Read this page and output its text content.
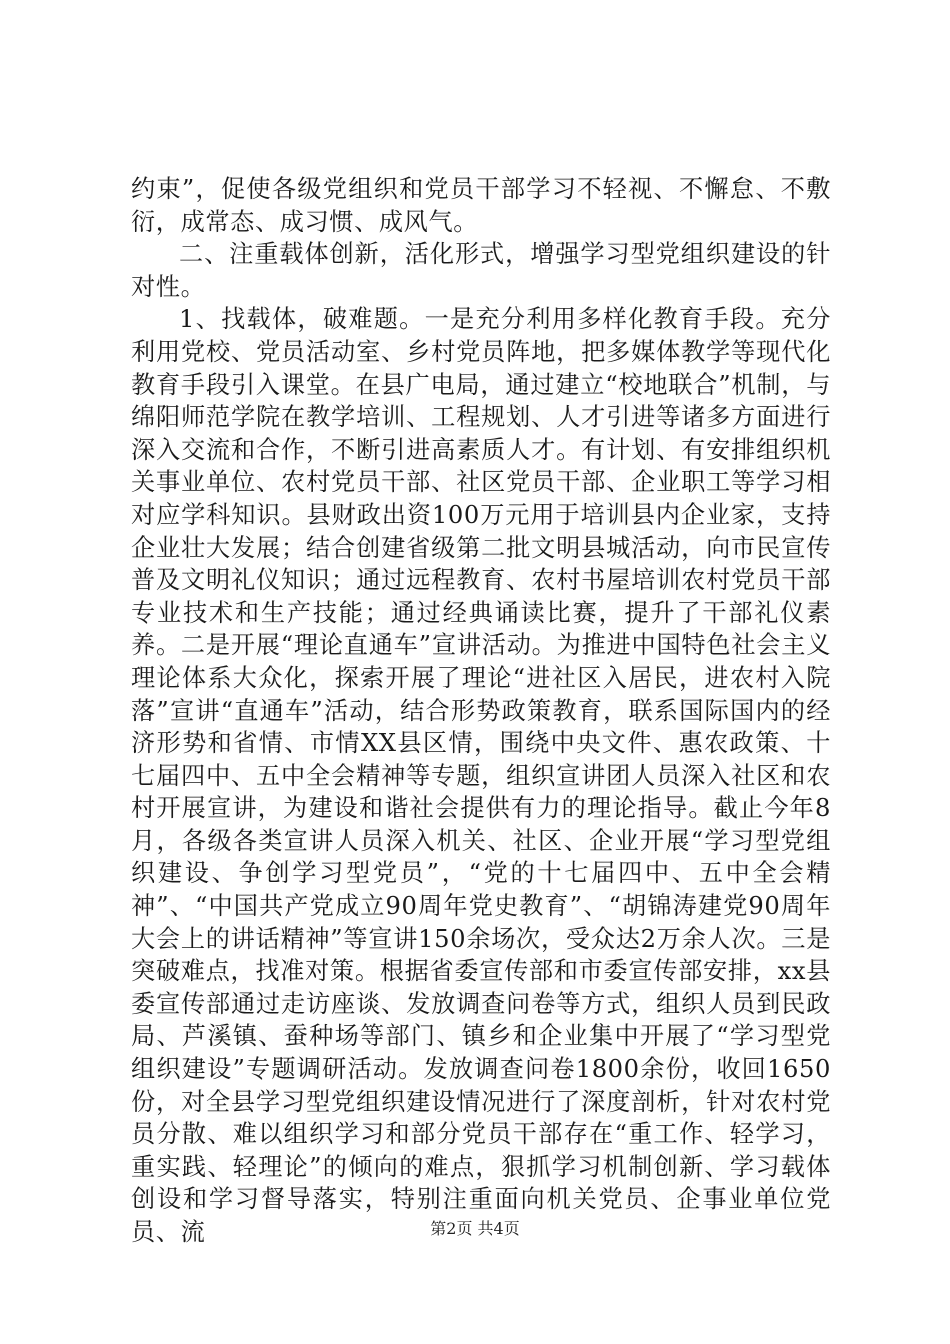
约束”，促使各级党组织和党员干部学习不轻视、不懈怠、不敷衍，成常态、成习惯、成风气。

二、注重载体创新，活化形式，增强学习型党组织建设的针对性。

1、找载体，破难题。一是充分利用多样化教育手段。充分利用党校、党员活动室、乡村党员阵地，把多媒体教学等现代化教育手段引入课堂。在县广电局，通过建立“校地联合”机制，与绵阳师范学院在教学培训、工程规划、人才引进等诸多方面进行深入交流和合作，不断引进高素质人才。有计划、有安排组织机关事业单位、农村党员干部、社区党员干部、企业职工等学习相对应学科知识。县财政出资100万元用于培训县内企业家，支持企业壮大发展；结合创建省级第二批文明县城活动，向市民宣传普及文明礼仪知识；通过远程教育、农村书屋培训农村党员干部专业技术和生产技能；通过经典诵读比赛，提升了干部礼仪素养。二是开展“理论直通车”宣讲活动。为推进中国特色社会主义理论体系大众化，探索开展了理论“进社区入居民，进农村入院落”宣讲“直通车”活动，结合形势政策教育，联系国际国内的经济形势和省情、市情XX县区情，围绕中央文件、惠农政策、十七届四中、五中全会精神等专题，组织宣讲团人员深入社区和农村开展宣讲，为建设和谐社会提供有力的理论指导。截止今年8月，各级各类宣讲人员深入机关、社区、企业开展“学习型党组织建设、争创学习型党员”，“党的十七届四中、五中全会精神”、“中国共产党成立90周年党史教育”、“胡锦涛建党90周年大会上的讲话精神”等宣讲150余场次，受众达2万余人次。三是突破难点，找准对策。根据省委宣传部和市委宣传部安排，xx县委宣传部通过走访座谈、发放调查问卷等方式，组织人员到民政局、芦溪镇、蚕种场等部门、镇乡和企业集中开展了“学习型党组织建设”专题调研活动。发放调查问卷1800余份，收回1650份，对全县学习型党组织建设情况进行了深度剖析，针对农村党员分散、难以组织学习和部分党员干部存在“重工作、轻学习，重实践、轻理论”的倾向的难点，狠抓学习机制创新、学习载体创设和学习督导落实，特别注重面向机关党员、企事业单位党员、流	第2页 共4页
